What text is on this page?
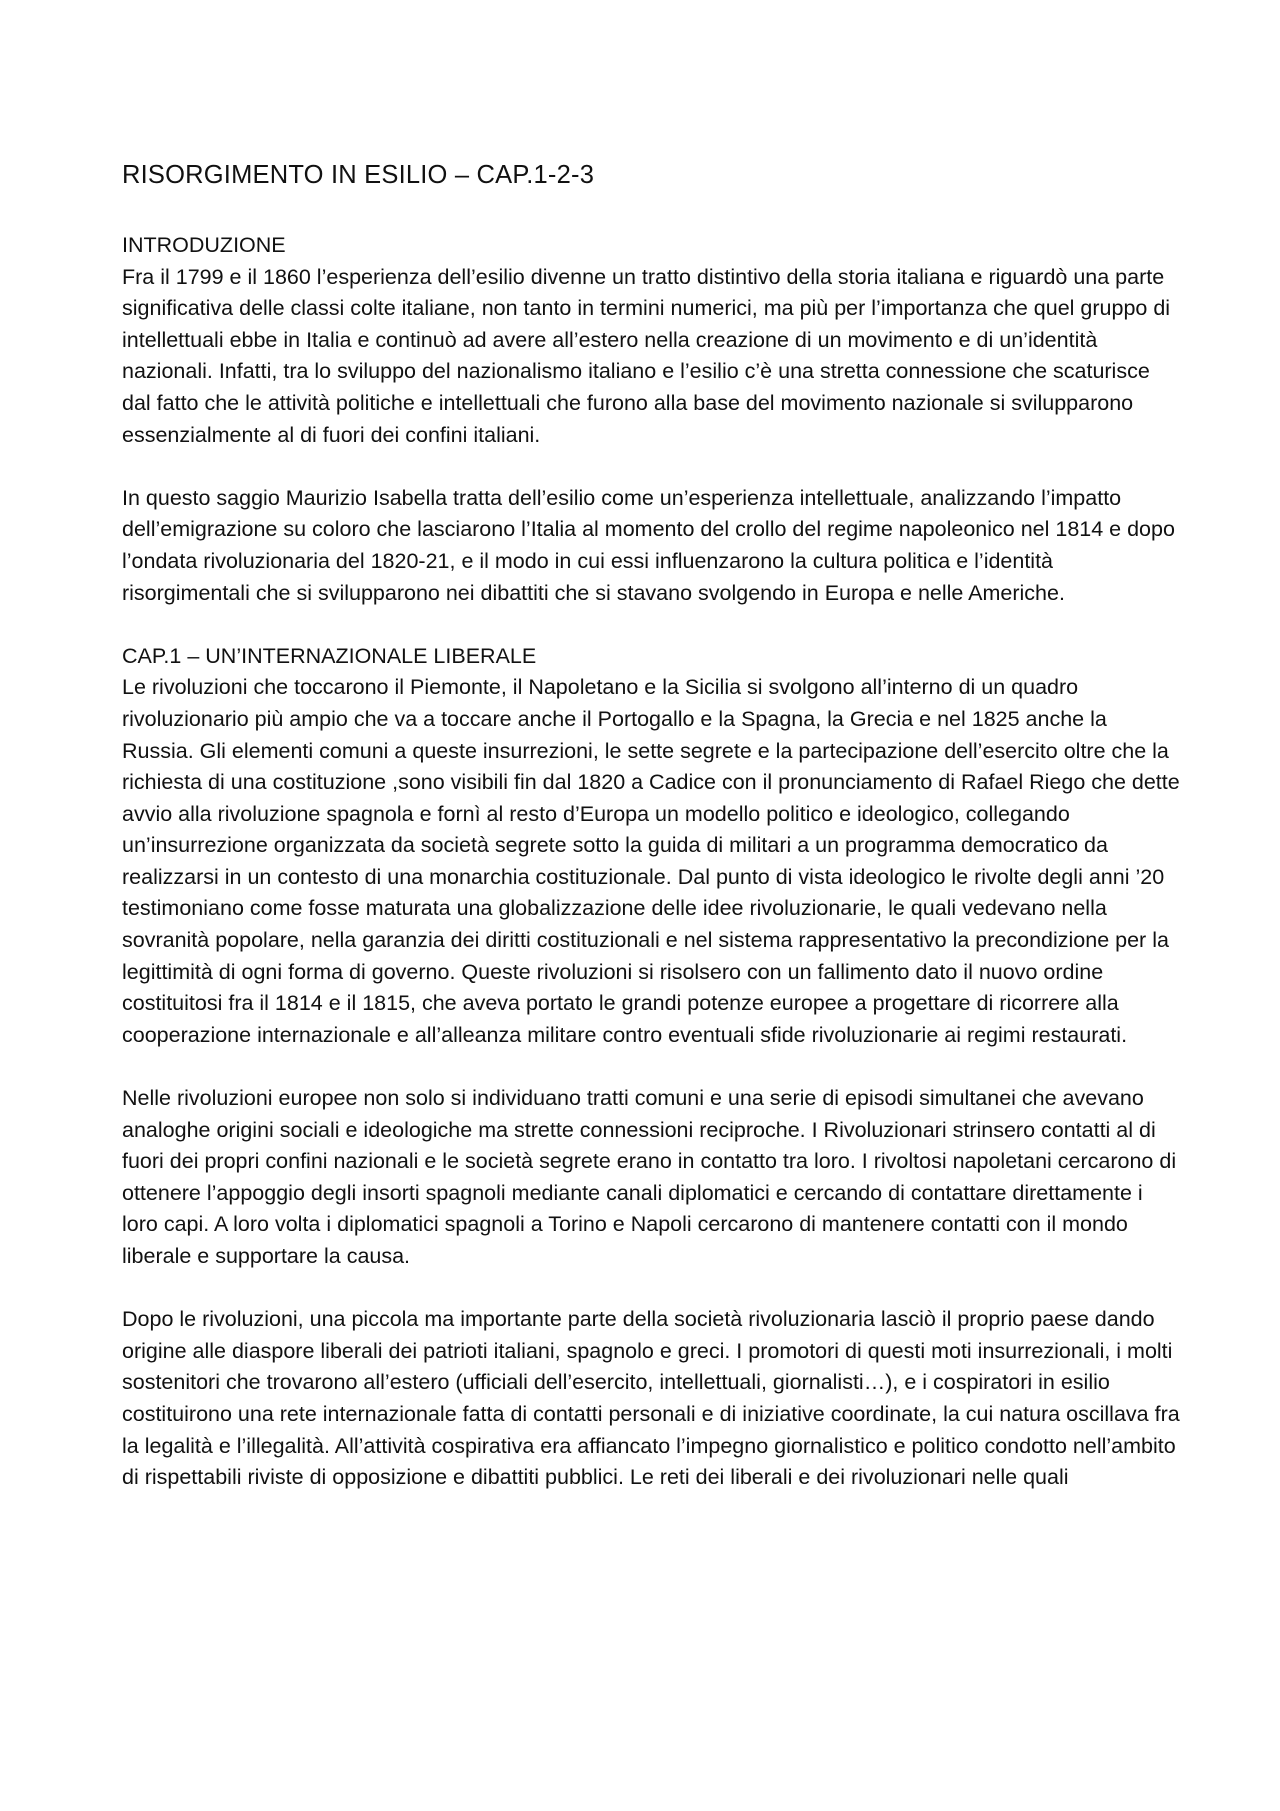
RISORGIMENTO IN ESILIO – CAP.1-2-3
INTRODUZIONE

Fra il 1799 e il 1860 l’esperienza dell’esilio divenne un tratto distintivo della storia italiana e riguardò una parte significativa delle classi colte italiane, non tanto in termini numerici, ma più per l’importanza che quel gruppo di intellettuali ebbe in Italia e continuò ad avere all’estero nella creazione di un movimento e di un’identità nazionali. Infatti, tra lo sviluppo del nazionalismo italiano e l’esilio c’è una stretta connessione che scaturisce dal fatto che le attività politiche e intellettuali che furono alla base del movimento nazionale si svilupparono essenzialmente al di fuori dei confini italiani.

In questo saggio Maurizio Isabella tratta dell’esilio come un’esperienza intellettuale, analizzando l’impatto dell’emigrazione su coloro che lasciarono l’Italia al momento del crollo del regime napoleonico nel 1814 e dopo l’ondata rivoluzionaria del 1820-21, e il modo in cui essi influenzarono la cultura politica e l’identità risorgimentali che si svilupparono nei dibattiti che si stavano svolgendo in Europa e nelle Americhe.

CAP.1 – UN’INTERNAZIONALE LIBERALE

Le rivoluzioni che toccarono il Piemonte, il Napoletano e la Sicilia si svolgono all’interno di un quadro rivoluzionario più ampio che va a toccare anche il Portogallo e la Spagna, la Grecia e nel 1825 anche la Russia. Gli elementi comuni a queste insurrezioni, le sette segrete e la partecipazione dell’esercito oltre che la richiesta di una costituzione ,sono visibili fin dal 1820 a Cadice con il pronunciamento di Rafael Riego che dette avvio alla rivoluzione spagnola e fornì al resto d’Europa un modello politico e ideologico, collegando un’insurrezione organizzata da società segrete sotto la guida di militari a un programma democratico da realizzarsi in un contesto di una monarchia costituzionale. Dal punto di vista ideologico le rivolte degli anni ’20 testimoniano come fosse maturata una globalizzazione delle idee rivoluzionarie, le quali vedevano nella sovranità popolare, nella garanzia dei diritti costituzionali e nel sistema rappresentativo la precondizione per la legittimità di ogni forma di governo. Queste rivoluzioni si risolsero con un fallimento dato il nuovo ordine costituitosi fra il 1814 e il 1815, che aveva portato le grandi potenze europee a progettare di ricorrere alla cooperazione internazionale e all’alleanza militare contro eventuali sfide rivoluzionarie ai regimi restaurati.

Nelle rivoluzioni europee non solo si individuano tratti comuni e una serie di episodi simultanei che avevano analoghe origini sociali e ideologiche ma strette connessioni reciproche. I Rivoluzionari strinsero contatti al di fuori dei propri confini nazionali e le società segrete erano in contatto tra loro. I rivoltosi napoletani cercarono di ottenere l’appoggio degli insorti spagnoli mediante canali diplomatici e cercando di contattare direttamente i loro capi. A loro volta i diplomatici spagnoli a Torino e Napoli cercarono di mantenere contatti con il mondo liberale e supportare la causa.

Dopo le rivoluzioni, una piccola ma importante parte della società rivoluzionaria lasciò il proprio paese dando origine alle diaspore liberali dei patrioti italiani, spagnolo e greci. I promotori di questi moti insurrezionali, i molti sostenitori che trovarono all’estero (ufficiali dell’esercito, intellettuali, giornalisti…), e i cospiratori in esilio costituirono una rete internazionale fatta di contatti personali e di iniziative coordinate, la cui natura oscillava fra la legalità e l’illegalità. All’attività cospirativa era affiancato l’impegno giornalistico e politico condotto nell’ambito di rispettabili riviste di opposizione e dibattiti pubblici. Le reti dei liberali e dei rivoluzionari nelle quali
